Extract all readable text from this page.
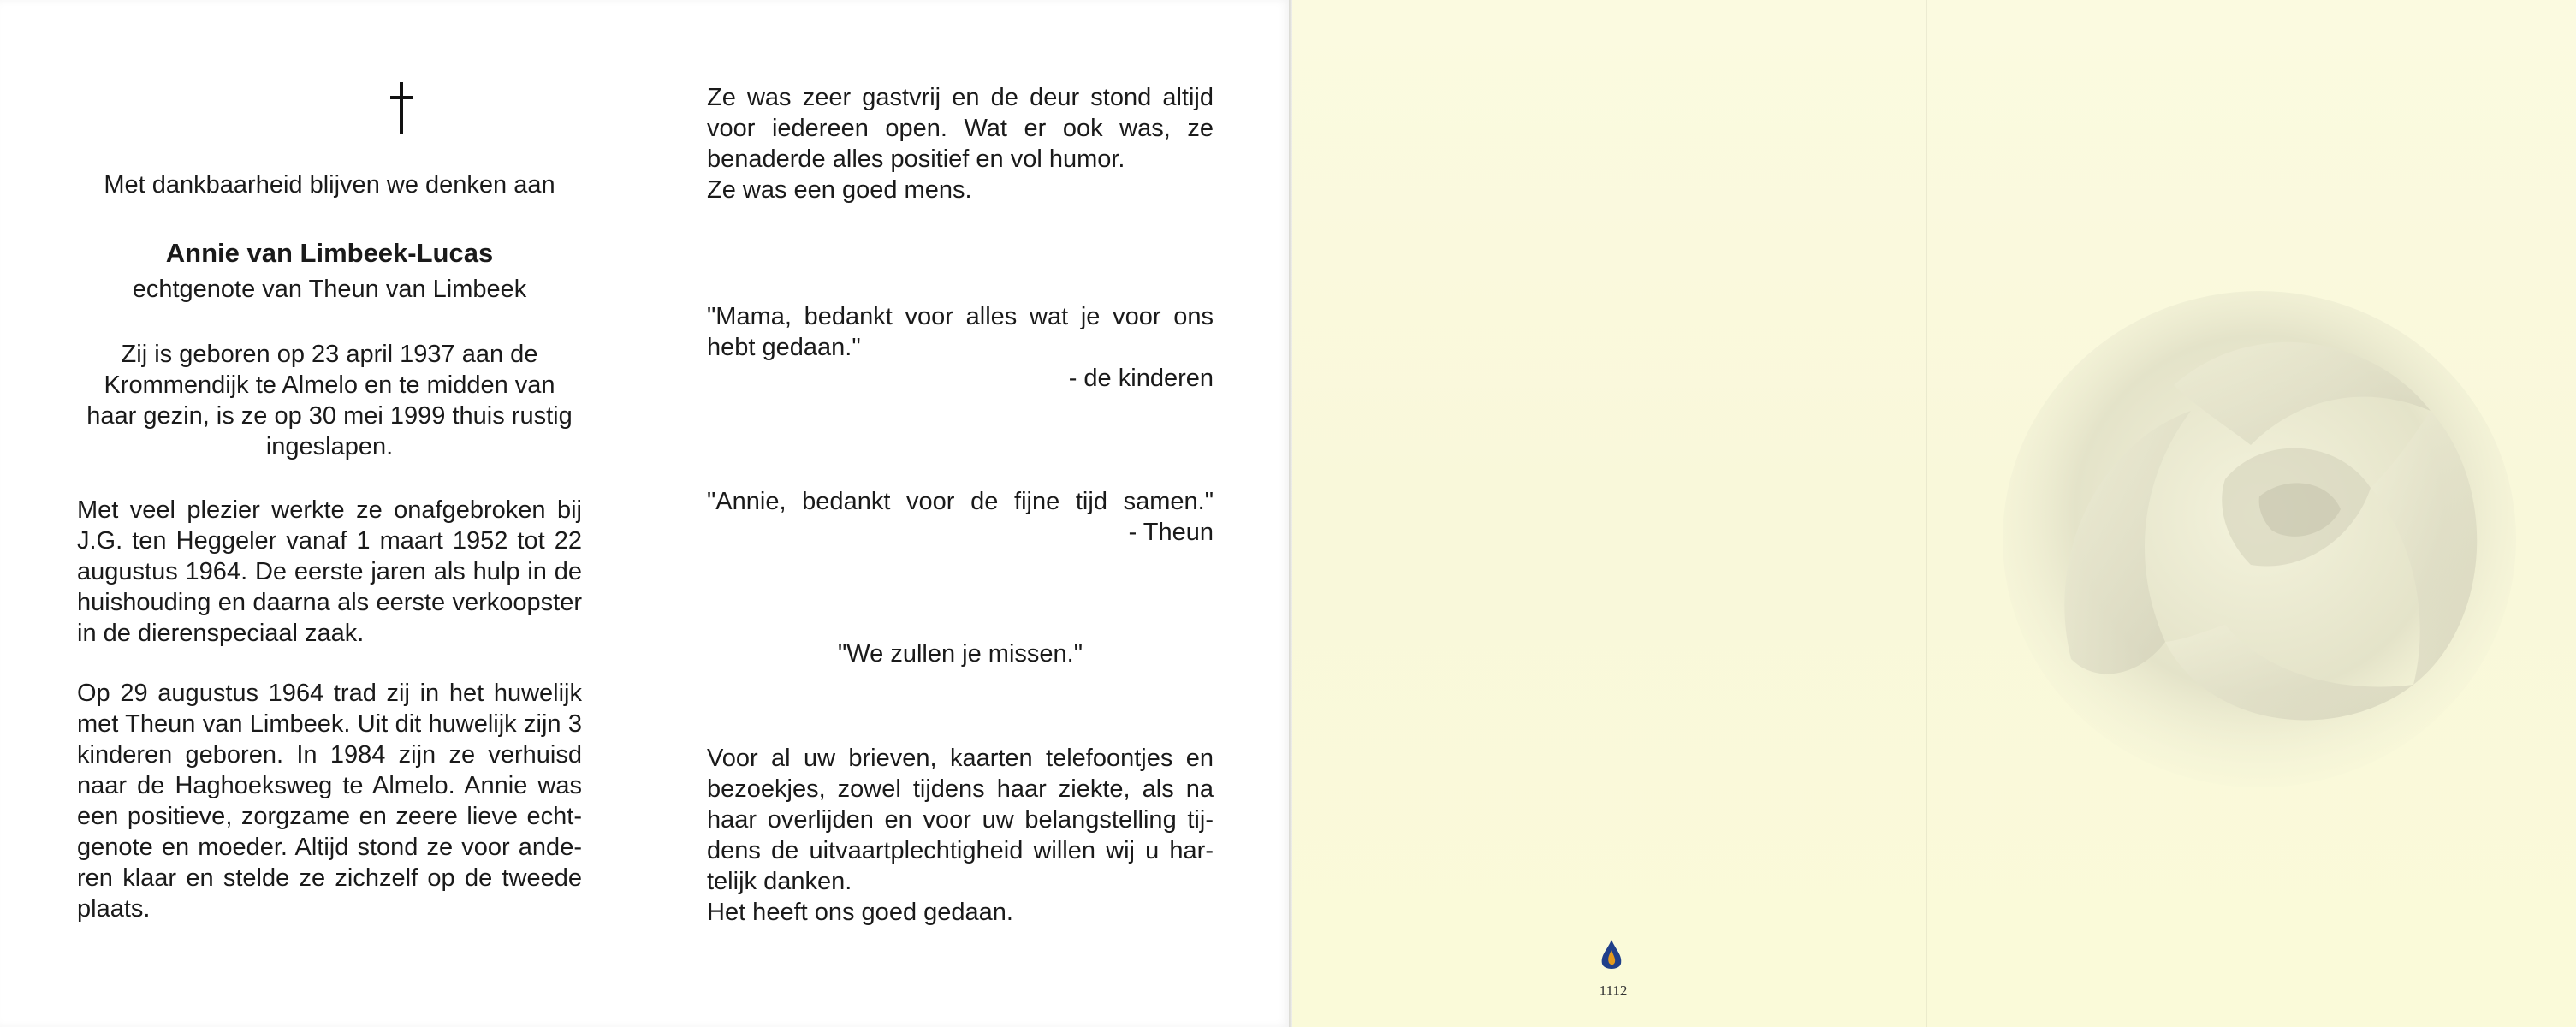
Met dankbaarheid blijven we denken aan

Annie van Limbeek-Lucas

echtgenote van Theun van Limbeek

Zij is geboren op 23 april 1937 aan de Krommendijk te Almelo en te midden van haar gezin, is ze op 30 mei 1999 thuis rustig ingeslapen.

Met veel plezier werkte ze onafgebroken bij J.G. ten Heggeler vanaf 1 maart 1952 tot 22 augustus 1964. De eerste jaren als hulp in de huishouding en daarna als eerste verkoopster in de dierenspeciaal zaak.

Op 29 augustus 1964 trad zij in het huwelijk met Theun van Limbeek. Uit dit huwelijk zijn 3 kinderen geboren. In 1984 zijn ze verhuisd naar de Haghoeksweg te Almelo. Annie was een positieve, zorgzame en zeere lieve echtgenote en moeder. Altijd stond ze voor anderen klaar en stelde ze zichzelf op de tweede plaats.

Ze was zeer gastvrij en de deur stond altijd voor iedereen open. Wat er ook was, ze benaderde alles positief en vol humor.

Ze was een goed mens.

"Mama, bedankt voor alles wat je voor ons hebt gedaan."

- de kinderen

"Annie, bedankt voor de fijne tijd samen."

- Theun

"We zullen je missen."

Voor al uw brieven, kaarten telefoontjes en bezoekjes, zowel tijdens haar ziekte, als na haar overlijden en voor uw belangstelling tijdens de uitvaartplechtigheid willen wij u hartelijk danken.

Het heeft ons goed gedaan.

1112
